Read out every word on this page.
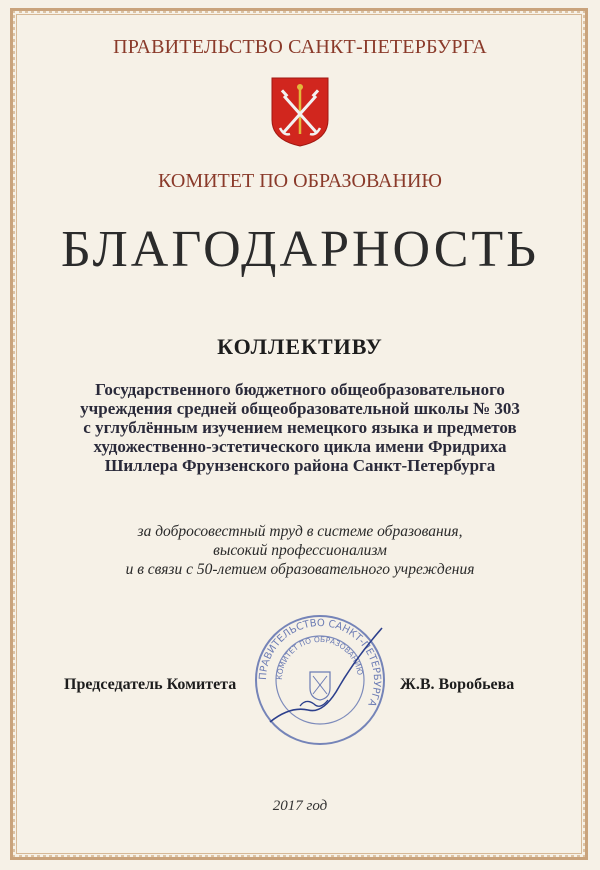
ПРАВИТЕЛЬСТВО САНКТ-ПЕТЕРБУРГА
КОМИТЕТ ПО ОБРАЗОВАНИЮ
БЛАГОДАРНОСТЬ
КОЛЛЕКТИВУ
Государственного бюджетного общеобразовательного
учреждения средней общеобразовательной школы № 303
с углублённым изучением немецкого языка и предметов
художественно-эстетического цикла имени Фридриха
Шиллера Фрунзенского района Санкт-Петербурга
за добросовестный труд в системе образования,
высокий профессионализм
и в связи с 50-летием образовательного учреждения
ПРАВИТЕЛЬСТВО САНКТ-ПЕТЕРБУРГА
КОМИТЕТ ПО ОБРАЗОВАНИЮ
Председатель Комитета	Ж.В. Воробьева
2017 год
